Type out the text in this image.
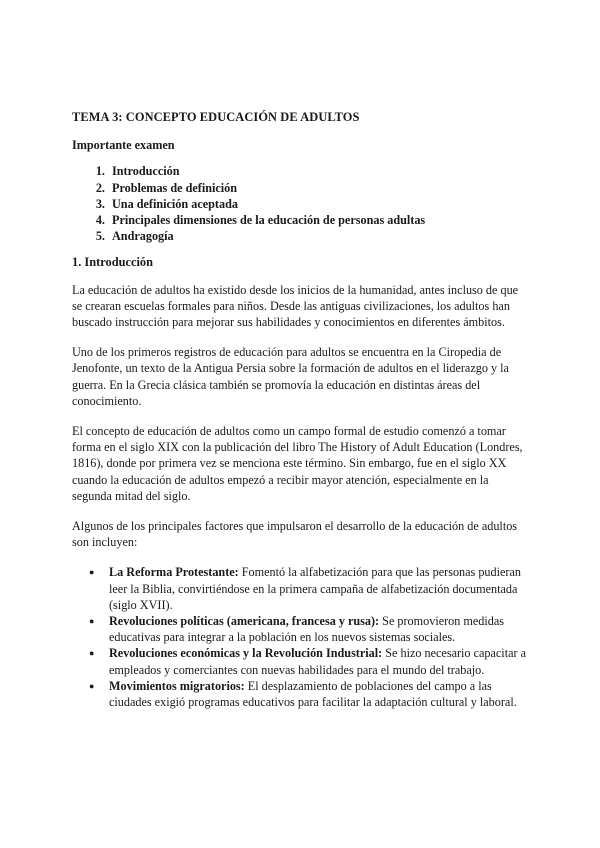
TEMA 3: CONCEPTO EDUCACIÓN DE ADULTOS
Importante examen
1. Introducción
2. Problemas de definición
3. Una definición aceptada
4. Principales dimensiones de la educación de personas adultas
5. Andragogía
1. Introducción

La educación de adultos ha existido desde los inicios de la humanidad, antes incluso de que se crearan escuelas formales para niños. Desde las antiguas civilizaciones, los adultos han buscado instrucción para mejorar sus habilidades y conocimientos en diferentes ámbitos.

Uno de los primeros registros de educación para adultos se encuentra en la Ciropedia de Jenofonte, un texto de la Antigua Persia sobre la formación de adultos en el liderazgo y la guerra. En la Grecia clásica también se promovía la educación en distintas áreas del conocimiento.

El concepto de educación de adultos como un campo formal de estudio comenzó a tomar forma en el siglo XIX con la publicación del libro The History of Adult Education (Londres, 1816), donde por primera vez se menciona este término. Sin embargo, fue en el siglo XX cuando la educación de adultos empezó a recibir mayor atención, especialmente en la segunda mitad del siglo.

Algunos de los principales factores que impulsaron el desarrollo de la educación de adultos son incluyen:

● La Reforma Protestante: Fomentó la alfabetización para que las personas pudieran leer la Biblia, convirtiéndose en la primera campaña de alfabetización documentada (siglo XVII).
● Revoluciones políticas (americana, francesa y rusa): Se promovieron medidas educativas para integrar a la población en los nuevos sistemas sociales.
● Revoluciones económicas y la Revolución Industrial: Se hizo necesario capacitar a empleados y comerciantes con nuevas habilidades para el mundo del trabajo.
● Movimientos migratorios: El desplazamiento de poblaciones del campo a las ciudades exigió programas educativos para facilitar la adaptación cultural y laboral.
